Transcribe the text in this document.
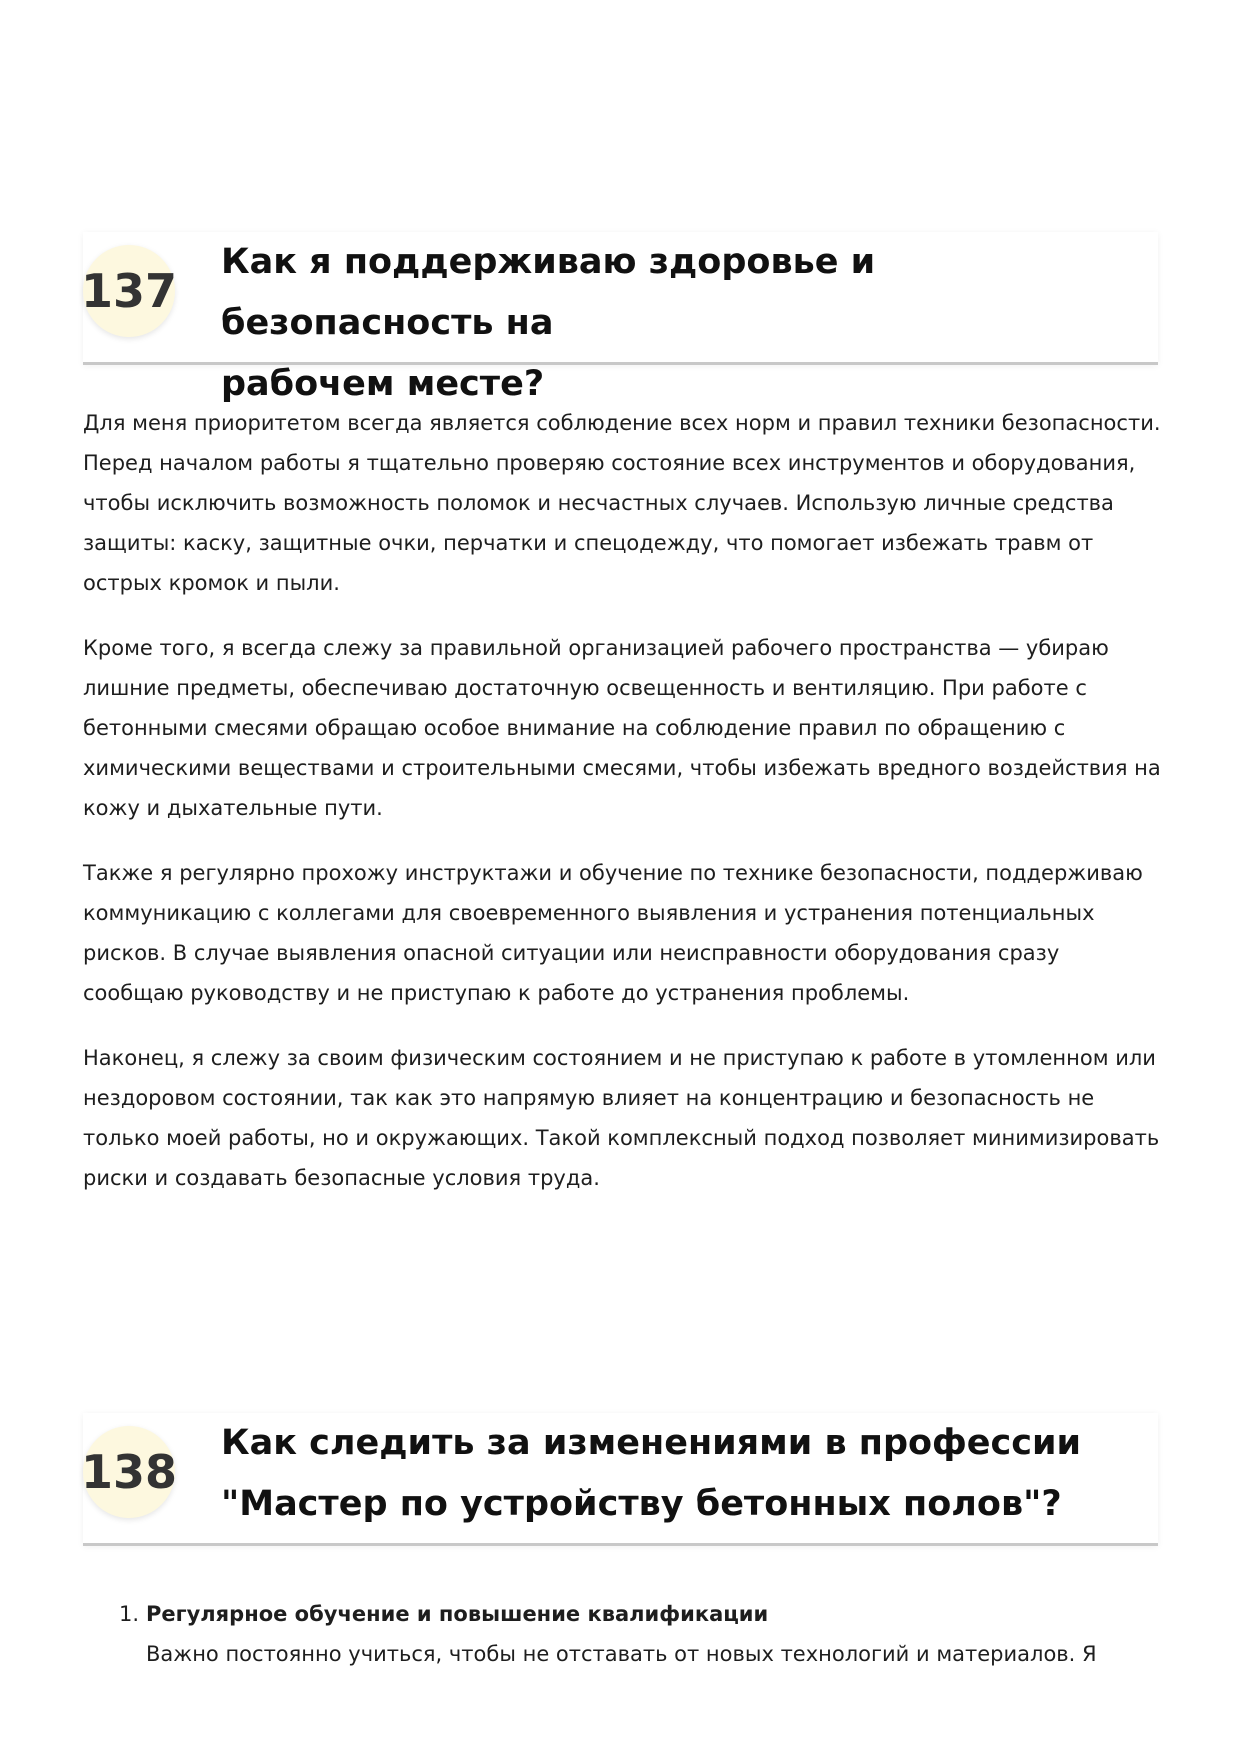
137
Как я поддерживаю здоровье и безопасность на
рабочем месте?

Для меня приоритетом всегда является соблюдение всех норм и правил техники безопасности. Перед началом работы я тщательно проверяю состояние всех инструментов и оборудования, чтобы исключить возможность поломок и несчастных случаев. Использую личные средства защиты: каску, защитные очки, перчатки и спецодежду, что помогает избежать травм от острых кромок и пыли.

Кроме того, я всегда слежу за правильной организацией рабочего пространства — убираю лишние предметы, обеспечиваю достаточную освещенность и вентиляцию. При работе с бетонными смесями обращаю особое внимание на соблюдение правил по обращению с химическими веществами и строительными смесями, чтобы избежать вредного воздействия на кожу и дыхательные пути.

Также я регулярно прохожу инструктажи и обучение по технике безопасности, поддерживаю коммуникацию с коллегами для своевременного выявления и устранения потенциальных рисков. В случае выявления опасной ситуации или неисправности оборудования сразу сообщаю руководству и не приступаю к работе до устранения проблемы.

Наконец, я слежу за своим физическим состоянием и не приступаю к работе в утомленном или нездоровом состоянии, так как это напрямую влияет на концентрацию и безопасность не только моей работы, но и окружающих. Такой комплексный подход позволяет минимизировать риски и создавать безопасные условия труда.

138
Как следить за изменениями в профессии
"Мастер по устройству бетонных полов"?
1. Регулярное обучение и повышение квалификации
Важно постоянно учиться, чтобы не отставать от новых технологий и материалов. Я
